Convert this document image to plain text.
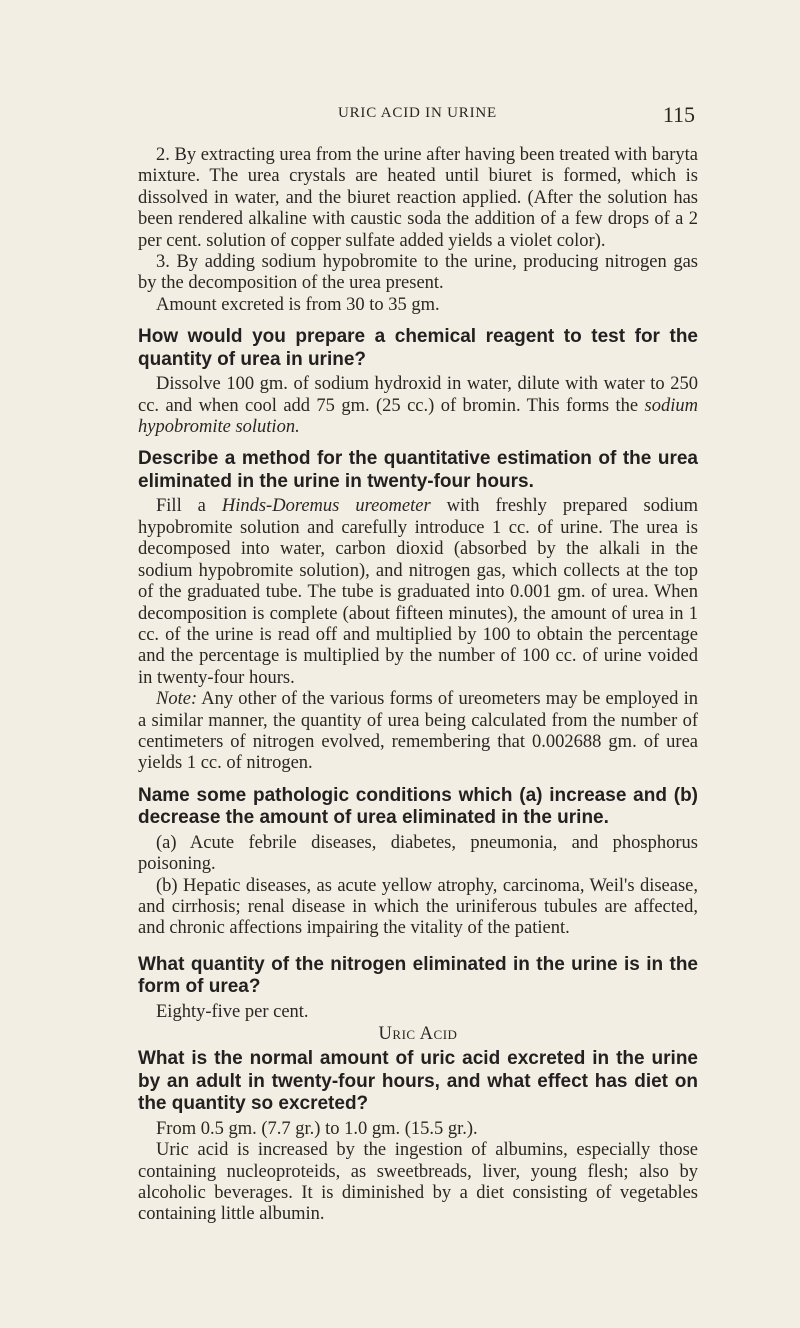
URIC ACID IN URINE	115

2. By extracting urea from the urine after having been treated with baryta mixture. The urea crystals are heated until biuret is formed, which is dissolved in water, and the biuret reaction applied. (After the solution has been rendered alkaline with caustic soda the addition of a few drops of a 2 per cent. solution of copper sulfate added yields a violet color).

3. By adding sodium hypobromite to the urine, producing nitrogen gas by the decomposition of the urea present.

Amount excreted is from 30 to 35 gm.

How would you prepare a chemical reagent to test for the quantity of urea in urine?

Dissolve 100 gm. of sodium hydroxid in water, dilute with water to 250 cc. and when cool add 75 gm. (25 cc.) of bromin. This forms the sodium hypobromite solution.

Describe a method for the quantitative estimation of the urea eliminated in the urine in twenty-four hours.

Fill a Hinds-Doremus ureometer with freshly prepared sodium hypobromite solution and carefully introduce 1 cc. of urine. The urea is decomposed into water, carbon dioxid (absorbed by the alkali in the sodium hypobromite solution), and nitrogen gas, which collects at the top of the graduated tube. The tube is graduated into 0.001 gm. of urea. When decomposition is complete (about fifteen minutes), the amount of urea in 1 cc. of the urine is read off and multiplied by 100 to obtain the percentage and the percentage is multiplied by the number of 100 cc. of urine voided in twenty-four hours.

Note: Any other of the various forms of ureometers may be employed in a similar manner, the quantity of urea being calculated from the number of centimeters of nitrogen evolved, remembering that 0.002688 gm. of urea yields 1 cc. of nitrogen.

Name some pathologic conditions which (a) increase and (b) decrease the amount of urea eliminated in the urine.

(a) Acute febrile diseases, diabetes, pneumonia, and phosphorus poisoning.

(b) Hepatic diseases, as acute yellow atrophy, carcinoma, Weil's disease, and cirrhosis; renal disease in which the uriniferous tubules are affected, and chronic affections impairing the vitality of the patient.

What quantity of the nitrogen eliminated in the urine is in the form of urea?

Eighty-five per cent.

Uric Acid
What is the normal amount of uric acid excreted in the urine by an adult in twenty-four hours, and what effect has diet on the quantity so excreted?

From 0.5 gm. (7.7 gr.) to 1.0 gm. (15.5 gr.).

Uric acid is increased by the ingestion of albumins, especially those containing nucleoproteids, as sweetbreads, liver, young flesh; also by alcoholic beverages. It is diminished by a diet consisting of vegetables containing little albumin.
